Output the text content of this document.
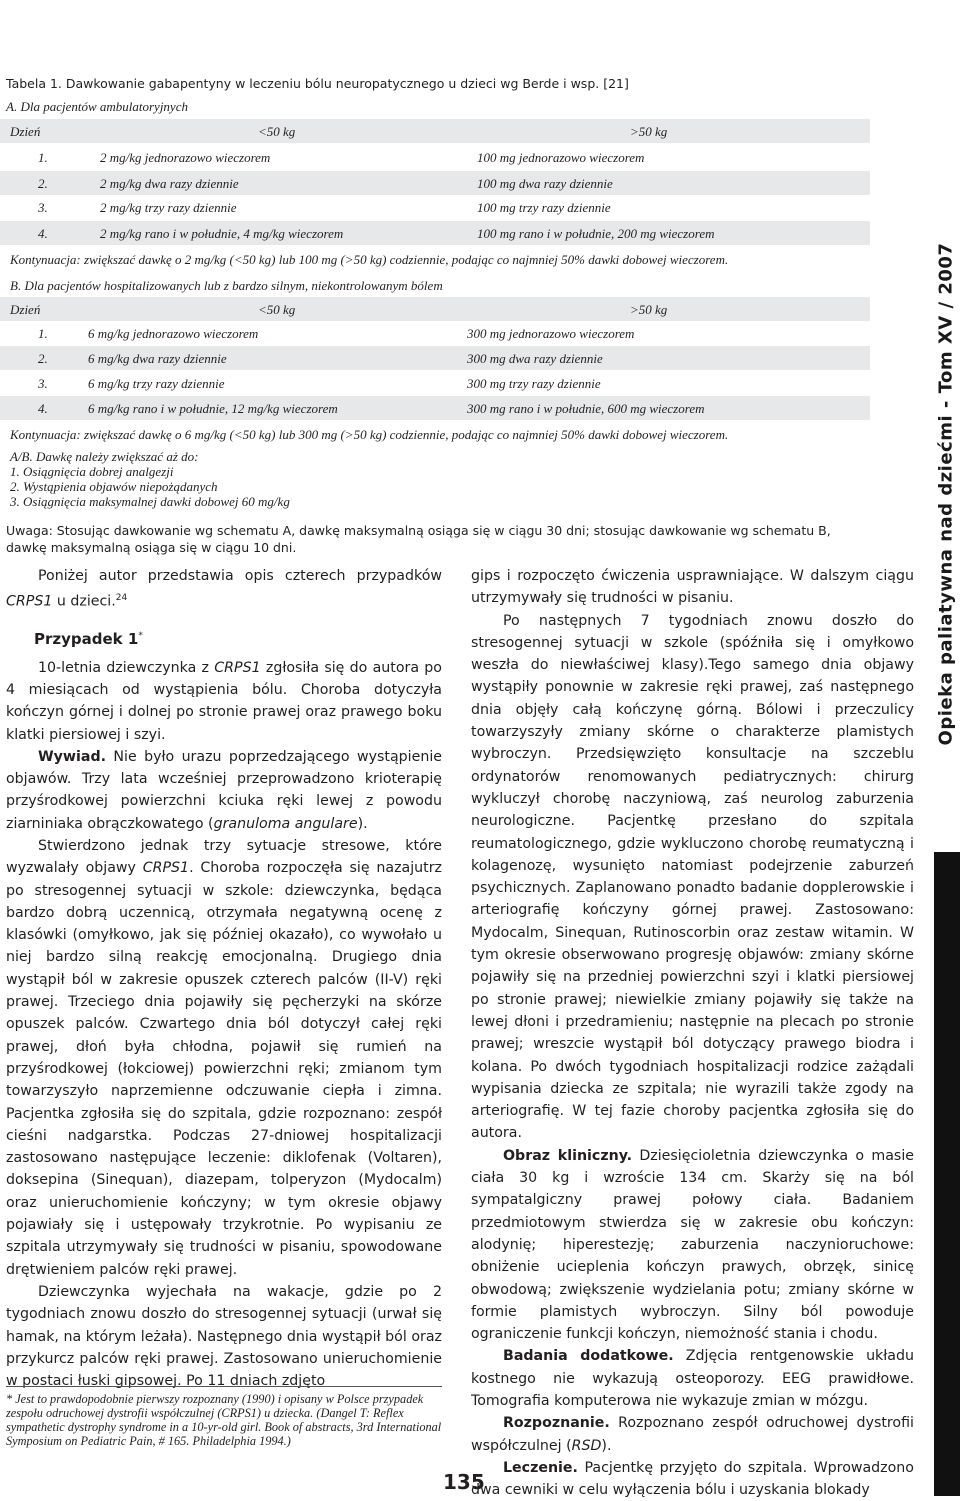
Opieka paliatywna nad dziećmi - Tom XV / 2007
Tabela 1. Dawkowanie gabapentyny w leczeniu bólu neuropatycznego u dzieci wg Berde i wsp. [21]
A. Dla pacjentów ambulatoryjnych
Dzień	<50 kg	>50 kg
1.	2 mg/kg jednorazowo wieczorem	100 mg jednorazowo wieczorem
2.	2 mg/kg dwa razy dziennie	100 mg dwa razy dziennie
3.	2 mg/kg trzy razy dziennie	100 mg trzy razy dziennie
4.	2 mg/kg rano i w południe, 4 mg/kg wieczorem	100 mg rano i w południe, 200 mg wieczorem
Kontynuacja: zwiększać dawkę o 2 mg/kg (<50 kg) lub 100 mg (>50 kg) codziennie, podając co najmniej 50% dawki dobowej wieczorem.
B. Dla pacjentów hospitalizowanych lub z bardzo silnym, niekontrolowanym bólem
Dzień	<50 kg	>50 kg
1.	6 mg/kg jednorazowo wieczorem	300 mg jednorazowo wieczorem
2.	6 mg/kg dwa razy dziennie	300 mg dwa razy dziennie
3.	6 mg/kg trzy razy dziennie	300 mg trzy razy dziennie
4.	6 mg/kg rano i w południe, 12 mg/kg wieczorem	300 mg rano i w południe, 600 mg wieczorem
Kontynuacja: zwiększać dawkę o 6 mg/kg (<50 kg) lub 300 mg (>50 kg) codziennie, podając co najmniej 50% dawki dobowej wieczorem.
A/B. Dawkę należy zwiększać aż do:
1. Osiągnięcia dobrej analgezji
2. Wystąpienia objawów niepożądanych
3. Osiągnięcia maksymalnej dawki dobowej 60 mg/kg
Uwaga: Stosując dawkowanie wg schematu A, dawkę maksymalną osiąga się w ciągu 30 dni; stosując dawkowanie wg schematu B, dawkę maksymalną osiąga się w ciągu 10 dni.

Poniżej autor przedstawia opis czterech przypadków CRPS1 u dzieci.$^{24}$

Przypadek 1*

10-letnia dziewczynka z CRPS1 zgłosiła się do autora po 4 miesiącach od wystąpienia bólu. Choroba dotyczyła kończyn górnej i dolnej po stronie prawej oraz prawego boku klatki piersiowej i szyi.

Wywiad. Nie było urazu poprzedzającego wystąpienie objawów. Trzy lata wcześniej przeprowadzono krioterapię przyśrodkowej powierzchni kciuka ręki lewej z powodu ziarniniaka obrączkowatego (granuloma angulare).

Stwierdzono jednak trzy sytuacje stresowe, które wyzwalały objawy CRPS1. Choroba rozpoczęła się nazajutrz po stresogennej sytuacji w szkole: dziewczynka, będąca bardzo dobrą uczennicą, otrzymała negatywną ocenę z klasówki (omyłkowo, jak się później okazało), co wywołało u niej bardzo silną reakcję emocjonalną. Drugiego dnia wystąpił ból w zakresie opuszek czterech palców (II-V) ręki prawej. Trzeciego dnia pojawiły się pęcherzyki na skórze opuszek palców. Czwartego dnia ból dotyczył całej ręki prawej, dłoń była chłodna, pojawił się rumień na przyśrodkowej (łokciowej) powierzchni ręki; zmianom tym towarzyszyło naprzemienne odczuwanie ciepła i zimna. Pacjentka zgłosiła się do szpitala, gdzie rozpoznano: zespół cieśni nadgarstka. Podczas 27-dniowej hospitalizacji zastosowano następujące leczenie: diklofenak (Voltaren), doksepina (Sinequan), diazepam, tolperyzon (Mydocalm) oraz unieruchomienie kończyny; w tym okresie objawy pojawiały się i ustępowały trzykrotnie. Po wypisaniu ze szpitala utrzymywały się trudności w pisaniu, spowodowane drętwieniem palców ręki prawej.

Dziewczynka wyjechała na wakacje, gdzie po 2 tygodniach znowu doszło do stresogennej sytuacji (urwał się hamak, na którym leżała). Następnego dnia wystąpił ból oraz przykurcz palców ręki prawej. Zastosowano unieruchomienie w postaci łuski gipsowej. Po 11 dniach zdjęto

* Jest to prawdopodobnie pierwszy rozpoznany (1990) i opisany w Polsce przypadek zespołu odruchowej dystrofii współczulnej (CRPS1) u dziecka. (Dangel T: Reflex sympathetic dystrophy syndrome in a 10-yr-old girl. Book of abstracts, 3rd International Symposium on Pediatric Pain, # 165. Philadelphia 1994.)

gips i rozpoczęto ćwiczenia usprawniające. W dalszym ciągu utrzymywały się trudności w pisaniu.

Po następnych 7 tygodniach znowu doszło do stresogennej sytuacji w szkole (spóźniła się i omyłkowo weszła do niewłaściwej klasy).Tego samego dnia objawy wystąpiły ponownie w zakresie ręki prawej, zaś następnego dnia objęły całą kończynę górną. Bólowi i przeczulicy towarzyszyły zmiany skórne o charakterze plamistych wybroczyn. Przedsięwzięto konsultacje na szczeblu ordynatorów renomowanych pediatrycznych: chirurg wykluczył chorobę naczyniową, zaś neurolog zaburzenia neurologiczne. Pacjentkę przesłano do szpitala reumatologicznego, gdzie wykluczono chorobę reumatyczną i kolagenozę, wysunięto natomiast podejrzenie zaburzeń psychicznych. Zaplanowano ponadto badanie dopplerowskie i arteriografię kończyny górnej prawej. Zastosowano: Mydocalm, Sinequan, Rutinoscorbin oraz zestaw witamin. W tym okresie obserwowano progresję objawów: zmiany skórne pojawiły się na przedniej powierzchni szyi i klatki piersiowej po stronie prawej; niewielkie zmiany pojawiły się także na lewej dłoni i przedramieniu; następnie na plecach po stronie prawej; wreszcie wystąpił ból dotyczący prawego biodra i kolana. Po dwóch tygodniach hospitalizacji rodzice zażądali wypisania dziecka ze szpitala; nie wyrazili także zgody na arteriografię. W tej fazie choroby pacjentka zgłosiła się do autora.

Obraz kliniczny. Dziesięcioletnia dziewczynka o masie ciała 30 kg i wzroście 134 cm. Skarży się na ból sympatalgiczny prawej połowy ciała. Badaniem przedmiotowym stwierdza się w zakresie obu kończyn: alodynię; hiperestezję; zaburzenia naczynioruchowe: obniżenie ucieplenia kończyn prawych, obrzęk, sinicę obwodową; zwiększenie wydzielania potu; zmiany skórne w formie plamistych wybroczyn. Silny ból powoduje ograniczenie funkcji kończyn, niemożność stania i chodu.

Badania dodatkowe. Zdjęcia rentgenowskie układu kostnego nie wykazują osteoporozy. EEG prawidłowe. Tomografia komputerowa nie wykazuje zmian w mózgu.

Rozpoznanie. Rozpoznano zespół odruchowej dystrofii współczulnej (RSD).

Leczenie. Pacjentkę przyjęto do szpitala. Wprowadzono dwa cewniki w celu wyłączenia bólu i uzyskania blokady

135
